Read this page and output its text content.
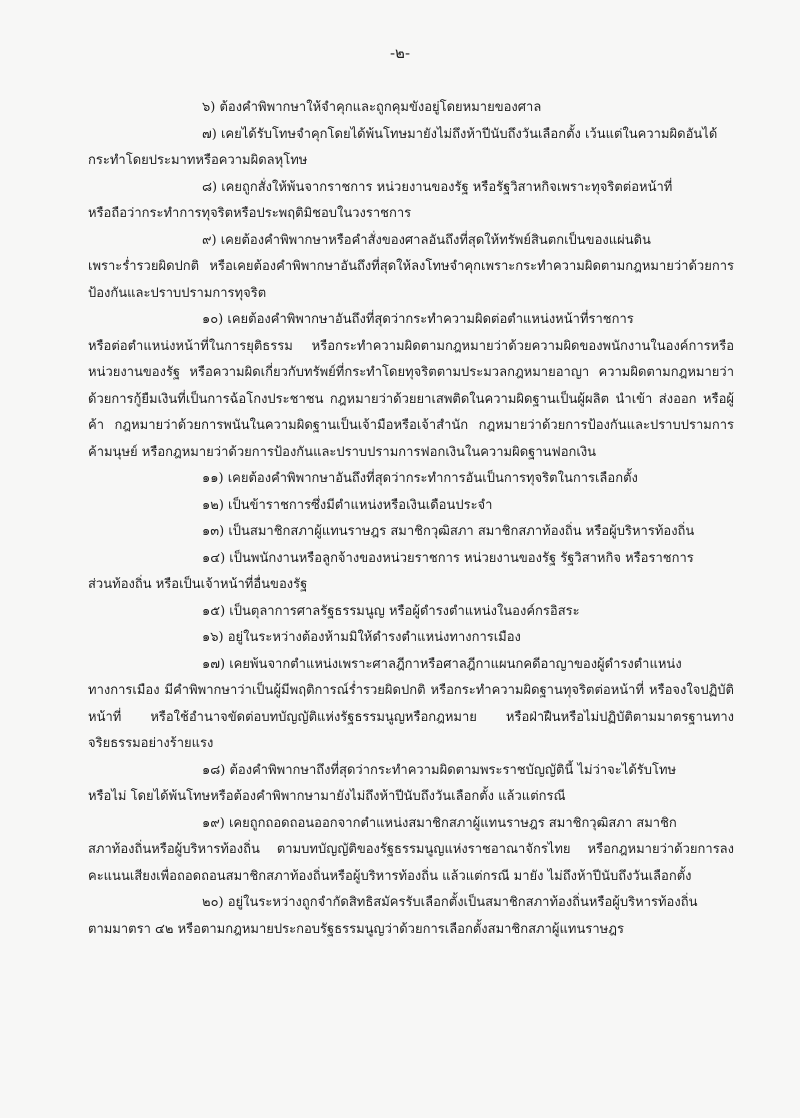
-๒-

๖) ต้องคำพิพากษาให้จำคุกและถูกคุมขังอยู่โดยหมายของศาล

๗) เคยได้รับโทษจำคุกโดยได้พ้นโทษมายังไม่ถึงห้าปีนับถึงวันเลือกตั้ง เว้นแต่ในความผิดอันได้
กระทำโดยประมาทหรือความผิดลหุโทษ

๘) เคยถูกสั่งให้พ้นจากราชการ หน่วยงานของรัฐ หรือรัฐวิสาหกิจเพราะทุจริตต่อหน้าที่
หรือถือว่ากระทำการทุจริตหรือประพฤติมิชอบในวงราชการ

๙) เคยต้องคำพิพากษาหรือคำสั่งของศาลอันถึงที่สุดให้ทรัพย์สินตกเป็นของแผ่นดิน
เพราะร่ำรวยผิดปกติ หรือเคยต้องคำพิพากษาอันถึงที่สุดให้ลงโทษจำคุกเพราะกระทำความผิดตามกฎหมายว่าด้วยการป้องกันและปราบปรามการทุจริต

๑๐) เคยต้องคำพิพากษาอันถึงที่สุดว่ากระทำความผิดต่อตำแหน่งหน้าที่ราชการ
หรือต่อตำแหน่งหน้าที่ในการยุติธรรม หรือกระทำความผิดตามกฎหมายว่าด้วยความผิดของพนักงานในองค์การหรือหน่วยงานของรัฐ หรือความผิดเกี่ยวกับทรัพย์ที่กระทำโดยทุจริตตามประมวลกฎหมายอาญา ความผิดตามกฎหมายว่าด้วยการกู้ยืมเงินที่เป็นการฉ้อโกงประชาชน กฎหมายว่าด้วยยาเสพติดในความผิดฐานเป็นผู้ผลิต นำเข้า ส่งออก หรือผู้ค้า กฎหมายว่าด้วยการพนันในความผิดฐานเป็นเจ้ามือหรือเจ้าสำนัก กฎหมายว่าด้วยการป้องกันและปราบปรามการค้ามนุษย์ หรือกฎหมายว่าด้วยการป้องกันและปราบปรามการฟอกเงินในความผิดฐานฟอกเงิน

๑๑) เคยต้องคำพิพากษาอันถึงที่สุดว่ากระทำการอันเป็นการทุจริตในการเลือกตั้ง

๑๒) เป็นข้าราชการซึ่งมีตำแหน่งหรือเงินเดือนประจำ

๑๓) เป็นสมาชิกสภาผู้แทนราษฎร สมาชิกวุฒิสภา สมาชิกสภาท้องถิ่น หรือผู้บริหารท้องถิ่น

๑๔) เป็นพนักงานหรือลูกจ้างของหน่วยราชการ หน่วยงานของรัฐ รัฐวิสาหกิจ หรือราชการ
ส่วนท้องถิ่น หรือเป็นเจ้าหน้าที่อื่นของรัฐ

๑๕) เป็นตุลาการศาลรัฐธรรมนูญ หรือผู้ดำรงตำแหน่งในองค์กรอิสระ

๑๖) อยู่ในระหว่างต้องห้ามมิให้ดำรงตำแหน่งทางการเมือง

๑๗) เคยพ้นจากตำแหน่งเพราะศาลฎีกาหรือศาลฎีกาแผนกคดีอาญาของผู้ดำรงตำแหน่ง
ทางการเมือง มีคำพิพากษาว่าเป็นผู้มีพฤติการณ์ร่ำรวยผิดปกติ หรือกระทำความผิดฐานทุจริตต่อหน้าที่ หรือจงใจปฏิบัติหน้าที่ หรือใช้อำนาจขัดต่อบทบัญญัติแห่งรัฐธรรมนูญหรือกฎหมาย หรือฝ่าฝืนหรือไม่ปฏิบัติตามมาตรฐานทางจริยธรรมอย่างร้ายแรง

๑๘) ต้องคำพิพากษาถึงที่สุดว่ากระทำความผิดตามพระราชบัญญัตินี้ ไม่ว่าจะได้รับโทษ
หรือไม่ โดยได้พ้นโทษหรือต้องคำพิพากษามายังไม่ถึงห้าปีนับถึงวันเลือกตั้ง แล้วแต่กรณี

๑๙) เคยถูกถอดถอนออกจากตำแหน่งสมาชิกสภาผู้แทนราษฎร สมาชิกวุฒิสภา สมาชิก
สภาท้องถิ่นหรือผู้บริหารท้องถิ่น ตามบทบัญญัติของรัฐธรรมนูญแห่งราชอาณาจักรไทย หรือกฎหมายว่าด้วยการลงคะแนนเสียงเพื่อถอดถอนสมาชิกสภาท้องถิ่นหรือผู้บริหารท้องถิ่น แล้วแต่กรณี มายัง ไม่ถึงห้าปีนับถึงวันเลือกตั้ง

๒๐) อยู่ในระหว่างถูกจำกัดสิทธิสมัครรับเลือกตั้งเป็นสมาชิกสภาท้องถิ่นหรือผู้บริหารท้องถิ่น
ตามมาตรา ๔๒ หรือตามกฎหมายประกอบรัฐธรรมนูญว่าด้วยการเลือกตั้งสมาชิกสภาผู้แทนราษฎร
